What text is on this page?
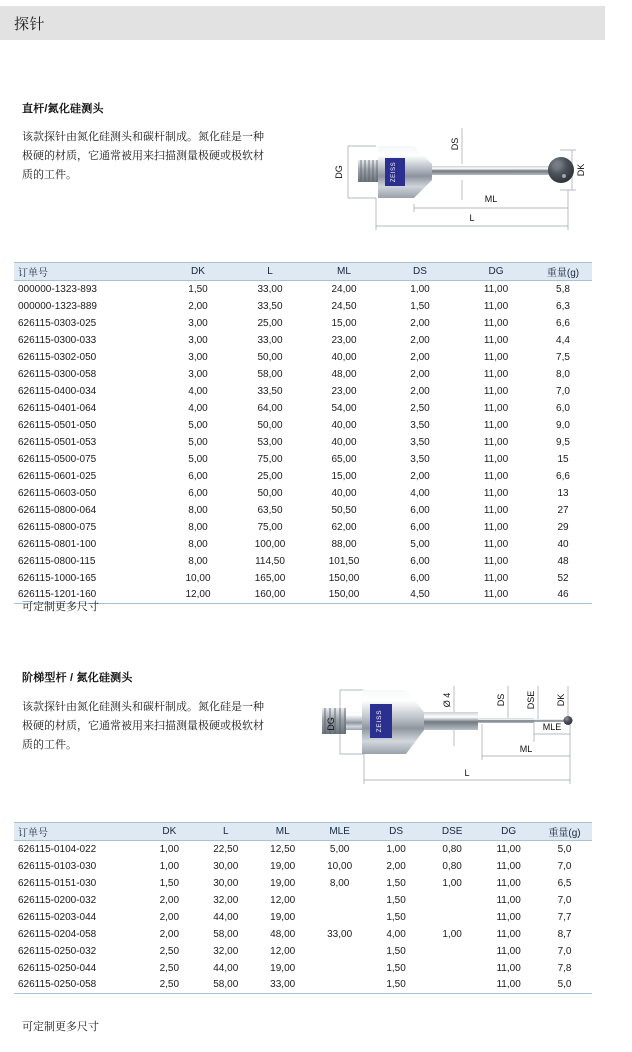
探针
直杆/氮化硅测头
该款探针由氮化硅测头和碳杆制成。氮化硅是一种极硬的材质，它通常被用来扫描测量极硬或极软材质的工件。	ZEISS
DG
DS
DK
ML
L
订单号	DK	L	ML	DS	DG	重量(g)
000000-1323-893	1,50	33,00	24,00	1,00	11,00	5,8
000000-1323-889	2,00	33,50	24,50	1,50	11,00	6,3
626115-0303-025	3,00	25,00	15,00	2,00	11,00	6,6
626115-0300-033	3,00	33,00	23,00	2,00	11,00	4,4
626115-0302-050	3,00	50,00	40,00	2,00	11,00	7,5
626115-0300-058	3,00	58,00	48,00	2,00	11,00	8,0
626115-0400-034	4,00	33,50	23,00	2,00	11,00	7,0
626115-0401-064	4,00	64,00	54,00	2,50	11,00	6,0
626115-0501-050	5,00	50,00	40,00	3,50	11,00	9,0
626115-0501-053	5,00	53,00	40,00	3,50	11,00	9,5
626115-0500-075	5,00	75,00	65,00	3,50	11,00	15
626115-0601-025	6,00	25,00	15,00	2,00	11,00	6,6
626115-0603-050	6,00	50,00	40,00	4,00	11,00	13
626115-0800-064	8,00	63,50	50,50	6,00	11,00	27
626115-0800-075	8,00	75,00	62,00	6,00	11,00	29
626115-0801-100	8,00	100,00	88,00	5,00	11,00	40
626115-0800-115	8,00	114,50	101,50	6,00	11,00	48
626115-1000-165	10,00	165,00	150,00	6,00	11,00	52
626115-1201-160	12,00	160,00	150,00	4,50	11,00	46
可定制更多尺寸
阶梯型杆 / 氮化硅测头
该款探针由氮化硅测头和碳杆制成。氮化硅是一种极硬的材质，它通常被用来扫描测量极硬或极软材质的工件。
ZEISS
DG
Ø 4	DS DSE DK
MLE
ML
L
订单号	DK	L	ML	MLE	DS	DSE	DG	重量(g)
626115-0104-022	1,00	22,50	12,50	5,00	1,00	0,80	11,00	5,0
626115-0103-030	1,00	30,00	19,00	10,00	2,00	0,80	11,00	7,0
626115-0151-030	1,50	30,00	19,00	8,00	1,50	1,00	11,00	6,5
626115-0200-032	2,00	32,00	12,00		1,50		11,00	7,0
626115-0203-044	2,00	44,00	19,00		1,50		11,00	7,7
626115-0204-058	2,00	58,00	48,00	33,00	4,00	1,00	11,00	8,7
626115-0250-032	2,50	32,00	12,00		1,50		11,00	7,0
626115-0250-044	2,50	44,00	19,00		1,50		11,00	7,8
626115-0250-058	2,50	58,00	33,00		1,50		11,00	5,0
可定制更多尺寸
